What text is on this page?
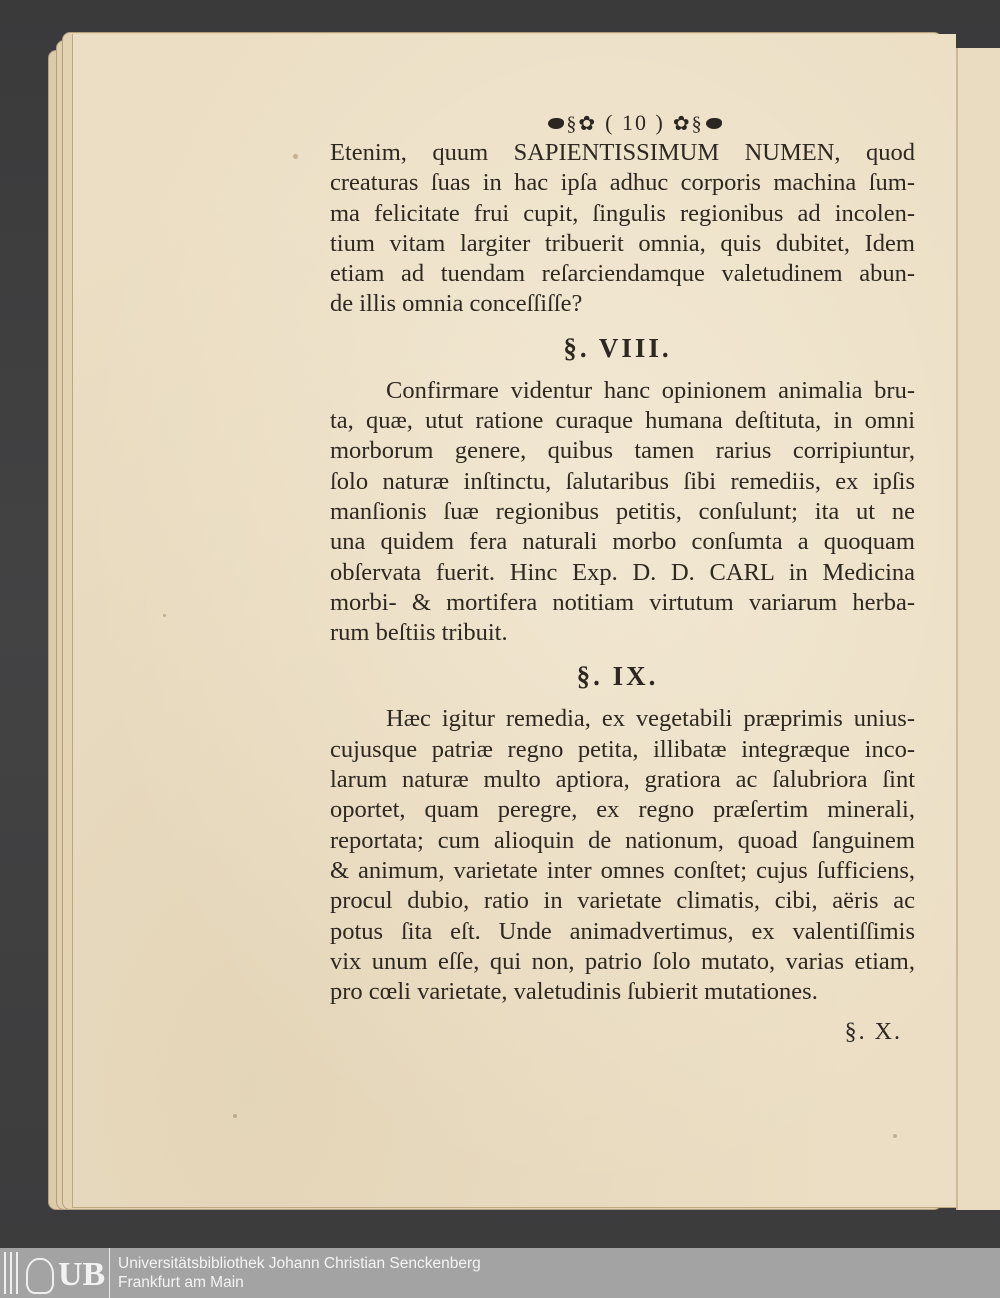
§✿ ( 10 ) ✿§
Etenim, quum SAPIENTISSIMUM NUMEN, quod
creaturas ſuas in hac ipſa adhuc corporis machina ſum-
ma felicitate frui cupit, ſingulis regionibus ad incolen-
tium vitam largiter tribuerit omnia, quis dubitet, Idem
etiam ad tuendam reſarciendamque valetudinem abun-
de illis omnia conceſſiſſe?
§. VIII.
Confirmare videntur hanc opinionem animalia bru-
ta, quæ, utut ratione curaque humana deſtituta, in omni
morborum genere, quibus tamen rarius corripiuntur,
ſolo naturæ inſtinctu, ſalutaribus ſibi remediis, ex ipſis
manſionis ſuæ regionibus petitis, conſulunt; ita ut ne
una quidem fera naturali morbo conſumta a quoquam
obſervata fuerit. Hinc Exp. D. D. CARL in Medicina
morbi- & mortifera notitiam virtutum variarum herba-
rum beſtiis tribuit.
§. IX.
Hæc igitur remedia, ex vegetabili præprimis unius-
cujusque patriæ regno petita, illibatæ integræque inco-
larum naturæ multo aptiora, gratiora ac ſalubriora ſint
oportet, quam peregre, ex regno præſertim minerali,
reportata; cum alioquin de nationum, quoad ſanguinem
& animum, varietate inter omnes conſtet; cujus ſufficiens,
procul dubio, ratio in varietate climatis, cibi, aëris ac
potus ſita eſt. Unde animadvertimus, ex valentiſſimis
vix unum eſſe, qui non, patrio ſolo mutato, varias etiam,
pro cœli varietate, valetudinis ſubierit mutationes.
§. X.
UB Universitätsbibliothek Johann Christian Senckenberg
Frankfurt am Main
